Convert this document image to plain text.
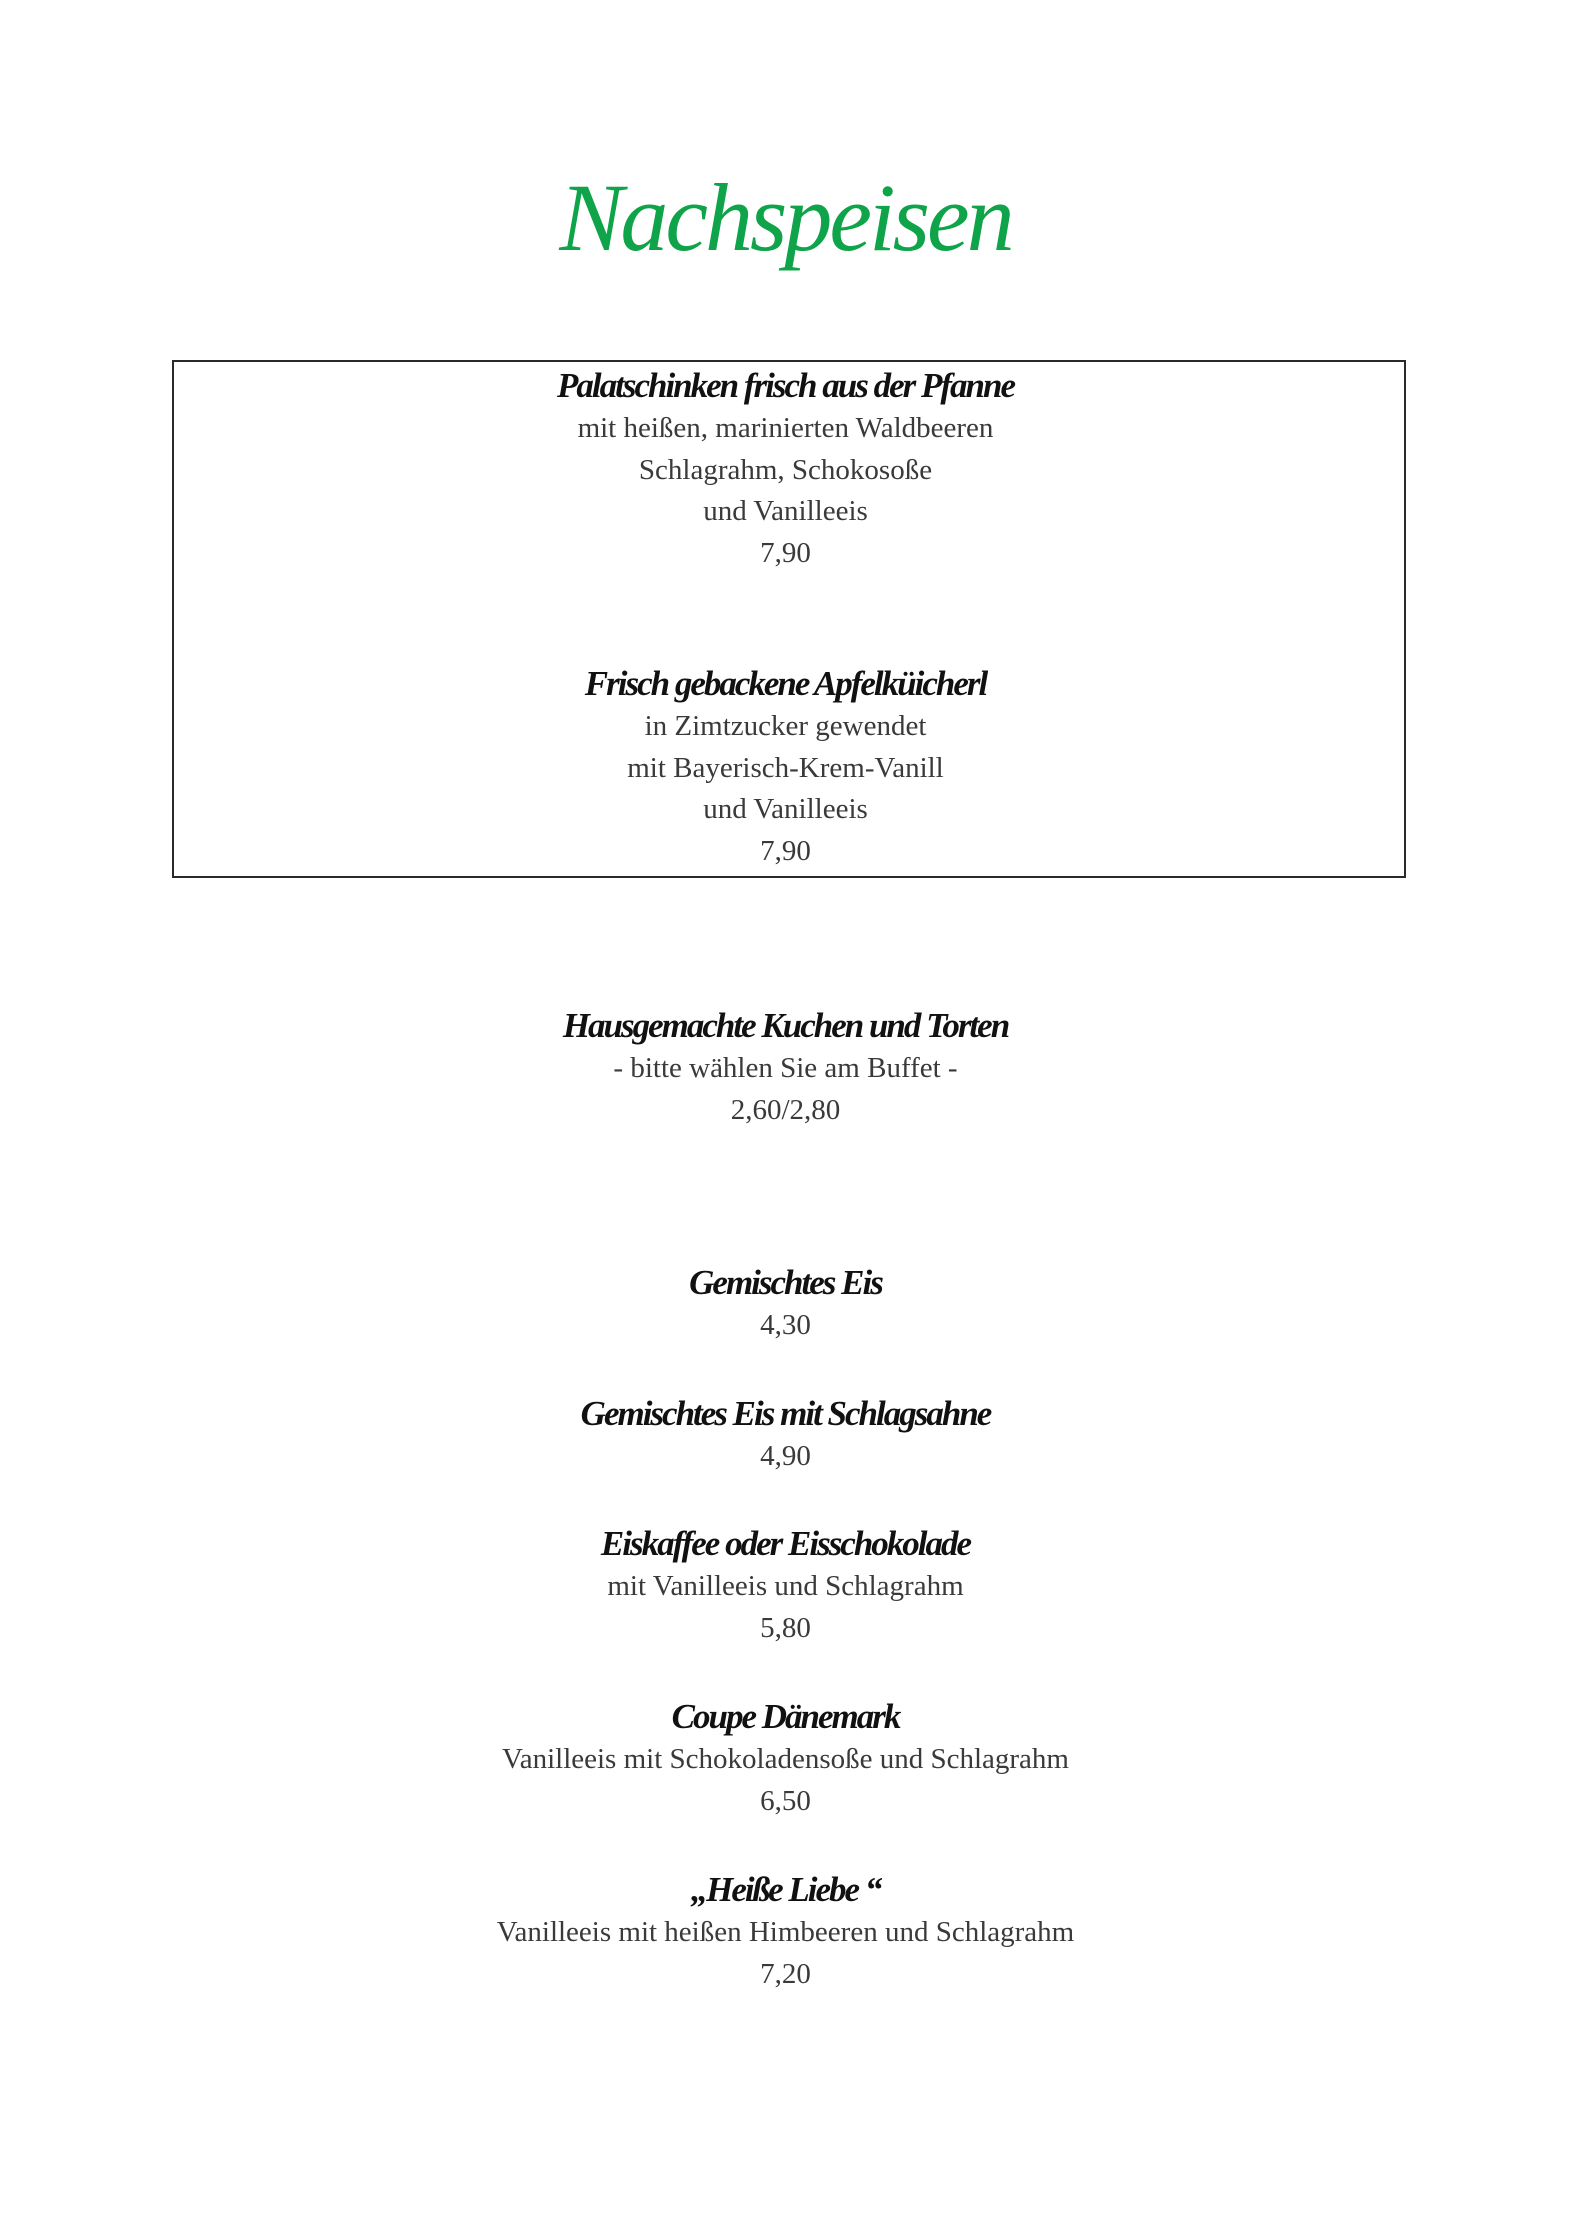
Nachspeisen
Palatschinken frisch aus der Pfanne
mit heißen, marinierten Waldbeeren
Schlagrahm, Schokosoße
und Vanilleeis
7,90
Frisch gebackene Apfelküicherl
in Zimtzucker gewendet
mit Bayerisch-Krem-Vanill
und Vanilleeis
7,90
Hausgemachte Kuchen und Torten
- bitte wählen Sie am Buffet -
2,60/2,80
Gemischtes Eis
4,30
Gemischtes Eis mit Schlagsahne
4,90
Eiskaffee oder Eisschokolade
mit Vanilleeis und Schlagrahm
5,80
Coupe Dänemark
Vanilleeis mit Schokoladensoße und Schlagrahm
6,50
„Heiße Liebe “
Vanilleeis mit heißen Himbeeren und Schlagrahm
7,20
